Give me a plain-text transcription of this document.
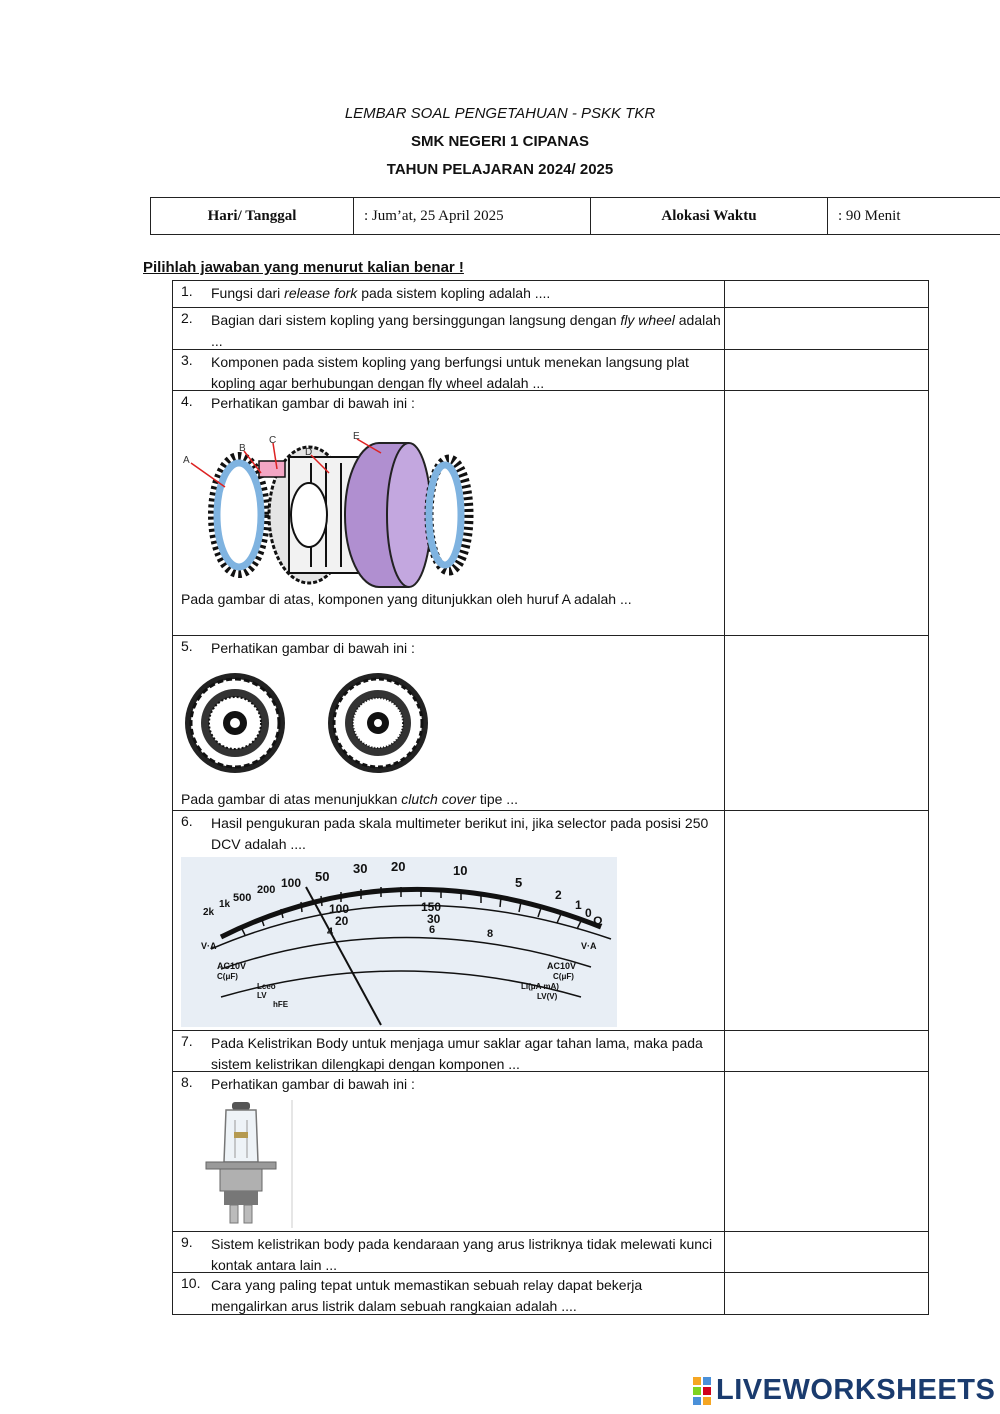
LEMBAR SOAL PENGETAHUAN - PSKK TKR
SMK NEGERI 1 CIPANAS
TAHUN PELAJARAN 2024/ 2025
Hari/ Tanggal	: Jum’at, 25 April 2025	Alokasi Waktu	: 90 Menit
Pilihlah jawaban yang menurut kalian benar !
1.	Fungsi dari release fork pada sistem kopling adalah ....
2.	Bagian dari sistem kopling yang bersinggungan langsung dengan fly wheel adalah ...
3.	Komponen pada sistem kopling yang berfungsi untuk menekan langsung plat kopling agar berhubungan dengan fly wheel adalah ...
4.	Perhatikan gambar di bawah ini :
A
B
C
D
E
Pada gambar di atas, komponen yang ditunjukkan oleh huruf A adalah ...
5.	Perhatikan gambar di bawah ini :
Pada gambar di atas menunjukkan clutch cover tipe ...
6.	Hasil pengukuran pada skala multimeter berikut ini, jika selector pada posisi 250 DCV adalah ....
2k
1k
500
200 100 50
30 20	10
5
2
1
0
Ω
100	150
20	30
4	6	8
V·A	V·A
AC10V
C(μF)
AC10V
C(μF)
Lceo
LV
hFE
LI(μA mA)
LV(V)
7.	Pada Kelistrikan Body untuk menjaga umur saklar agar tahan lama, maka pada sistem kelistrikan dilengkapi dengan komponen ...
8.	Perhatikan gambar di bawah ini :
9.	Sistem kelistrikan body pada kendaraan yang arus listriknya tidak melewati kunci kontak antara lain ...
10. Cara yang paling tepat untuk memastikan sebuah relay dapat bekerja mengalirkan arus listrik dalam sebuah rangkaian adalah ....
LIVEWORKSHEETS
